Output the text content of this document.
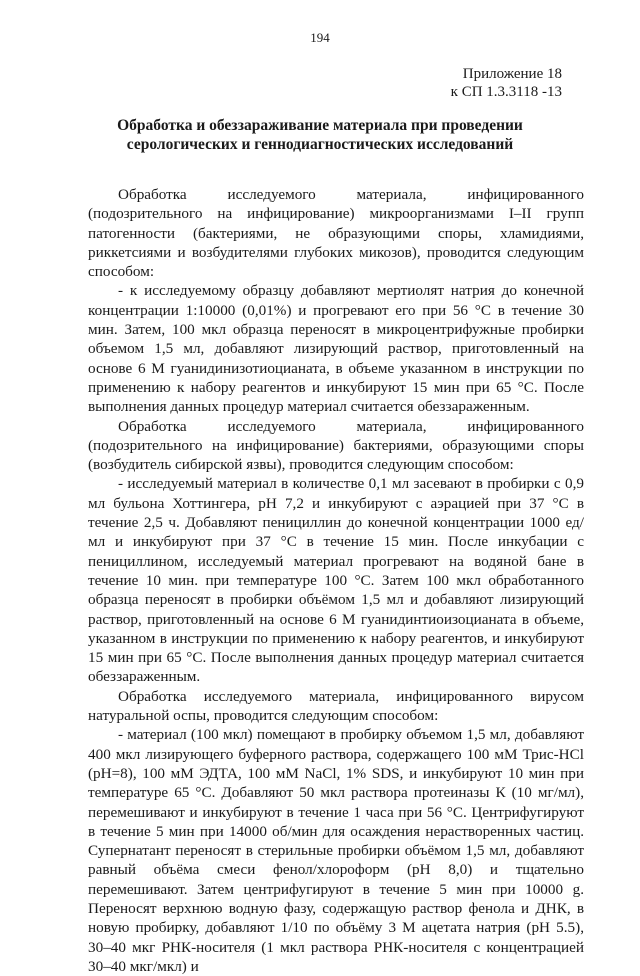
194
Приложение 18
к СП 1.3.3118 -13
Обработка и обеззараживание материала при проведении
серологических и геннодиагностических исследований

Обработка исследуемого материала, инфицированного (подозрительного на инфицирование) микроорганизмами I–II групп патогенности (бактериями, не образующими споры, хламидиями, риккетсиями и возбудителями глубоких микозов), проводится следующим способом:

- к исследуемому образцу добавляют мертиолят натрия до конечной концентрации 1:10000 (0,01%) и прогревают его при 56 °C в течение 30 мин. Затем, 100 мкл образца переносят в микроцентрифужные пробирки объемом 1,5 мл, добавляют лизирующий раствор, приготовленный на основе 6 М гуанидинизотиоцианата, в объеме указанном в инструкции по применению к набору реагентов и инкубируют 15 мин при 65 °C. После выполнения данных процедур материал считается обеззараженным.

Обработка исследуемого материала, инфицированного (подозрительного на инфицирование) бактериями, образующими споры (возбудитель сибирской язвы), проводится следующим способом:

- исследуемый материал в количестве 0,1 мл засевают в пробирки с 0,9 мл бульона Хоттингера, рН 7,2 и инкубируют с аэрацией при 37 °C в течение 2,5 ч. Добавляют пенициллин до конечной концентрации 1000 ед/мл и инкубируют при 37 °C в течение 15 мин. После инкубации с пенициллином, исследуемый материал прогревают на водяной бане в течение 10 мин. при температуре 100 °C. Затем 100 мкл обработанного образца переносят в пробирки объёмом 1,5 мл и добавляют лизирующий раствор, приготовленный на основе 6 М гуанидинтиоизоцианата в объеме, указанном в инструкции по применению к набору реагентов, и инкубируют 15 мин при 65 °C. После выполнения данных процедур материал считается обеззараженным.

Обработка исследуемого материала, инфицированного вирусом натуральной оспы, проводится следующим способом:

- материал (100 мкл) помещают в пробирку объемом 1,5 мл, добавляют 400 мкл лизирующего буферного раствора, содержащего 100 мМ Трис-HCl (pH=8), 100 мМ ЭДТА, 100 мМ NaCl, 1% SDS, и инкубируют 10 мин при температуре 65 °C. Добавляют 50 мкл раствора протеиназы К (10 мг/мл), перемешивают и инкубируют в течение 1 часа при 56 °C. Центрифугируют в течение 5 мин при 14000 об/мин для осаждения нерастворенных частиц. Супернатант переносят в стерильные пробирки объёмом 1,5 мл, добавляют равный объёма смеси фенол/хлороформ (рН 8,0) и тщательно перемешивают. Затем центрифугируют в течение 5 мин при 10000 g. Переносят верхнюю водную фазу, содержащую раствор фенола и ДНК, в новую пробирку, добавляют 1/10 по объёму 3 М ацетата натрия (рН 5.5), 30–40 мкг РНК-носителя (1 мкл раствора РНК-носителя с концентрацией 30–40 мкг/мкл) и
